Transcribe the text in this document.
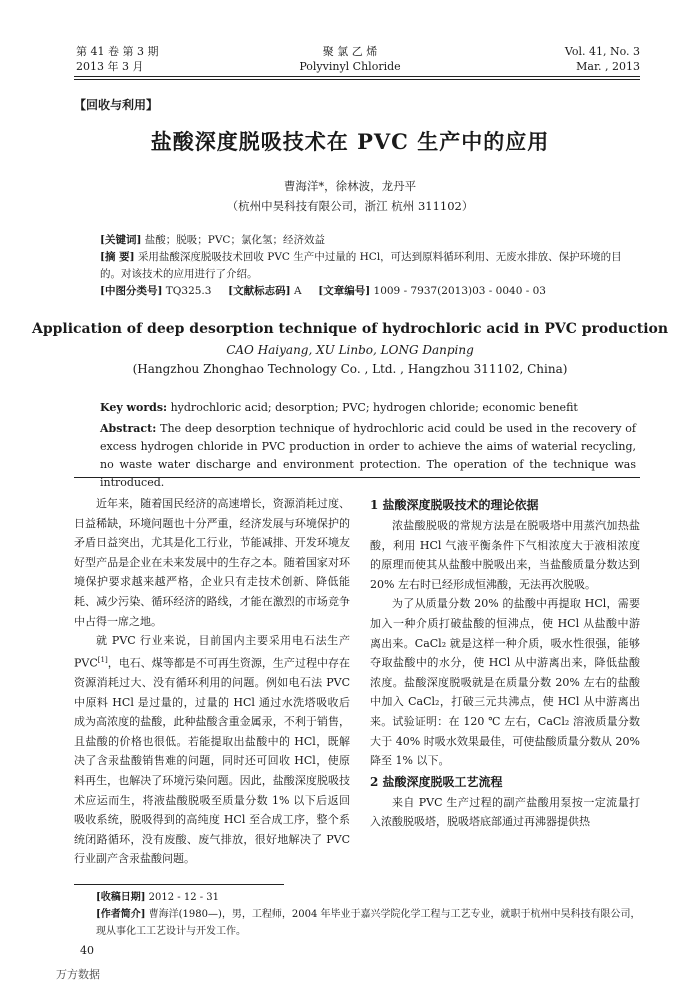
第 41 卷 第 3 期
2013 年 3 月
聚 氯 乙 烯
Polyvinyl Chloride
Vol. 41, No. 3
Mar. , 2013
【回收与利用】
盐酸深度脱吸技术在 PVC 生产中的应用
曹海洋*，徐林波，龙丹平
（杭州中昊科技有限公司，浙江 杭州 311102）
[关键词] 盐酸；脱吸；PVC；氯化氢；经济效益
[摘 要] 采用盐酸深度脱吸技术回收 PVC 生产中过量的 HCl，可达到原料循环利用、无废水排放、保护环境的目的。对该技术的应用进行了介绍。
[中图分类号] TQ325.3 [文献标志码] A [文章编号] 1009 - 7937(2013)03 - 0040 - 03
Application of deep desorption technique of hydrochloric acid in PVC production
CAO Haiyang, XU Linbo, LONG Danping
(Hangzhou Zhonghao Technology Co. , Ltd. , Hangzhou 311102, China)
Key words: hydrochloric acid; desorption; PVC; hydrogen chloride; economic benefit
Abstract: The deep desorption technique of hydrochloric acid could be used in the recovery of excess hydrogen chloride in PVC production in order to achieve the aims of waterial recycling, no waste water discharge and environment protection. The operation of the technique was introduced.

近年来，随着国民经济的高速增长，资源消耗过度、日益稀缺，环境问题也十分严重，经济发展与环境保护的矛盾日益突出，尤其是化工行业，节能减排、开发环境友好型产品是企业在未来发展中的生存之本。随着国家对环境保护要求越来越严格，企业只有走技术创新、降低能耗、减少污染、循环经济的路线，才能在激烈的市场竞争中占得一席之地。

就 PVC 行业来说，目前国内主要采用电石法生产 PVC[1]，电石、煤等都是不可再生资源，生产过程中存在资源消耗过大、没有循环利用的问题。例如电石法 PVC 中原料 HCl 是过量的，过量的 HCl 通过水洗塔吸收后成为高浓度的盐酸，此种盐酸含重金属汞，不利于销售，且盐酸的价格也很低。若能提取出盐酸中的 HCl，既解决了含汞盐酸销售难的问题，同时还可回收 HCl，使原料再生，也解决了环境污染问题。因此，盐酸深度脱吸技术应运而生，将液盐酸脱吸至质量分数 1% 以下后返回吸收系统，脱吸得到的高纯度 HCl 至合成工序，整个系统闭路循环，没有废酸、废气排放，很好地解决了 PVC 行业副产含汞盐酸问题。

1 盐酸深度脱吸技术的理论依据

浓盐酸脱吸的常规方法是在脱吸塔中用蒸汽加热盐酸，利用 HCl 气液平衡条件下气相浓度大于液相浓度的原理而使其从盐酸中脱吸出来，当盐酸质量分数达到 20% 左右时已经形成恒沸酸，无法再次脱吸。

为了从质量分数 20% 的盐酸中再提取 HCl，需要加入一种介质打破盐酸的恒沸点，使 HCl 从盐酸中游离出来。CaCl₂ 就是这样一种介质，吸水性很强，能够夺取盐酸中的水分，使 HCl 从中游离出来，降低盐酸浓度。盐酸深度脱吸就是在质量分数 20% 左右的盐酸中加入 CaCl₂，打破三元共沸点，使 HCl 从中游离出来。试验证明：在 120 ℃ 左右，CaCl₂ 溶液质量分数大于 40% 时吸水效果最佳，可使盐酸质量分数从 20% 降至 1% 以下。

2 盐酸深度脱吸工艺流程

来自 PVC 生产过程的副产盐酸用泵按一定流量打入浓酸脱吸塔，脱吸塔底部通过再沸器提供热

[收稿日期] 2012 - 12 - 31
[作者简介] 曹海洋(1980—)，男，工程师，2004 年毕业于嘉兴学院化学工程与工艺专业，就职于杭州中昊科技有限公司，现从事化工工艺设计与开发工作。
40
万方数据
